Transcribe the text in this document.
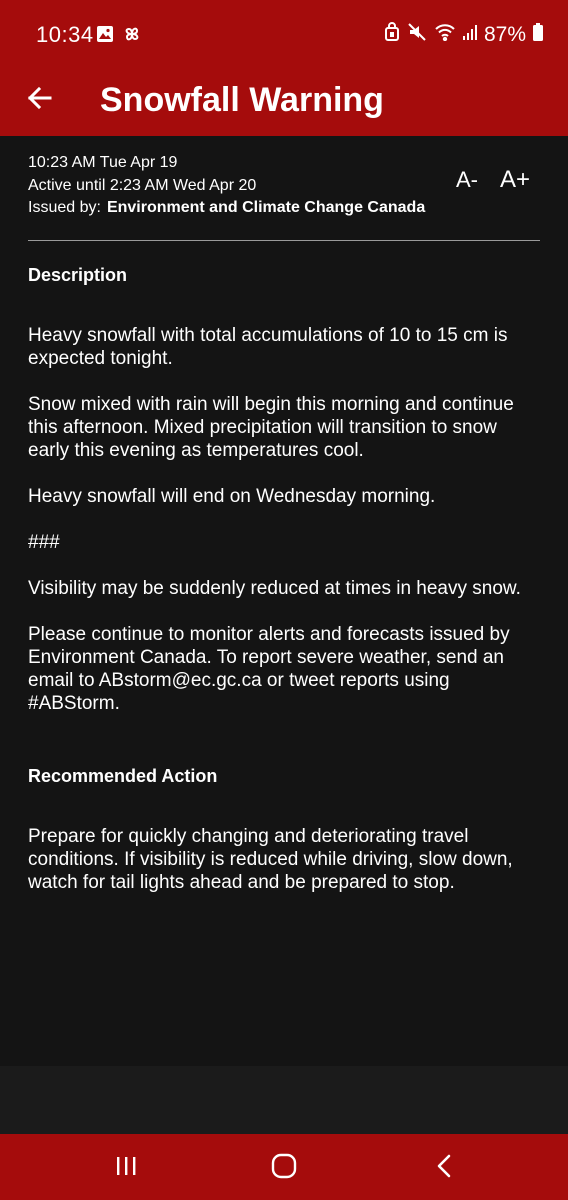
10:34	87%
Snowfall Warning
10:23 AM Tue Apr 19
Active until 2:23 AM Wed Apr 20
Issued by: Environment and Climate Change Canada
A- A+

Description

Heavy snowfall with total accumulations of 10 to 15 cm is expected tonight.

Snow mixed with rain will begin this morning and continue this afternoon. Mixed precipitation will transition to snow early this evening as temperatures cool.

Heavy snowfall will end on Wednesday morning.

###

Visibility may be suddenly reduced at times in heavy snow.

Please continue to monitor alerts and forecasts issued by Environment Canada. To report severe weather, send an email to ABstorm@ec.gc.ca or tweet reports using #ABStorm.

Recommended Action

Prepare for quickly changing and deteriorating travel conditions. If visibility is reduced while driving, slow down, watch for tail lights ahead and be prepared to stop.
